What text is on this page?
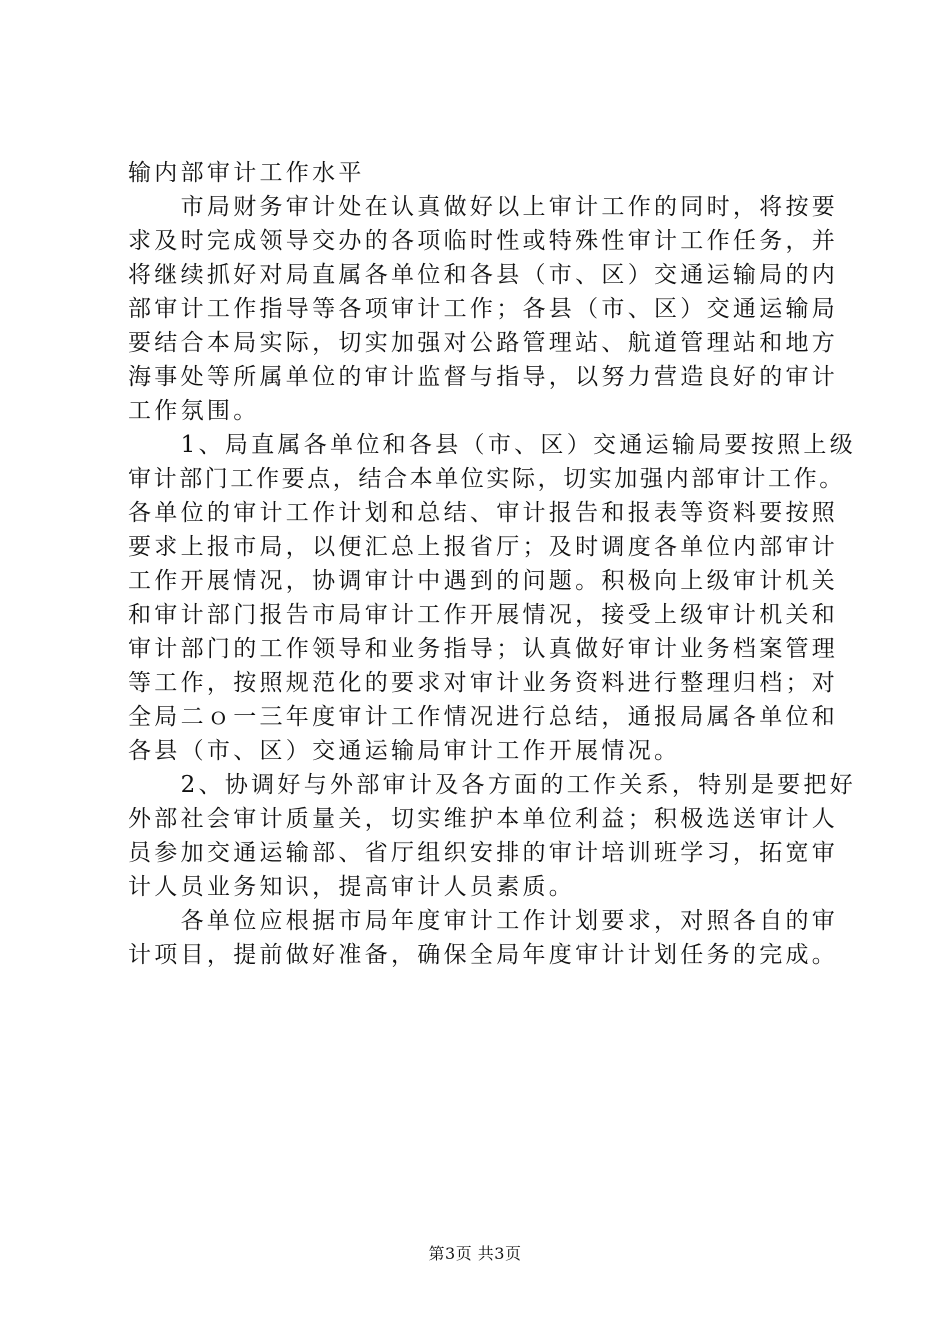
输内部审计工作水平
　　市局财务审计处在认真做好以上审计工作的同时，将按要
求及时完成领导交办的各项临时性或特殊性审计工作任务，并
将继续抓好对局直属各单位和各县（市、区）交通运输局的内
部审计工作指导等各项审计工作；各县（市、区）交通运输局
要结合本局实际，切实加强对公路管理站、航道管理站和地方
海事处等所属单位的审计监督与指导，以努力营造良好的审计
工作氛围。
　　1、局直属各单位和各县（市、区）交通运输局要按照上级
审计部门工作要点，结合本单位实际，切实加强内部审计工作。
各单位的审计工作计划和总结、审计报告和报表等资料要按照
要求上报市局，以便汇总上报省厅；及时调度各单位内部审计
工作开展情况，协调审计中遇到的问题。积极向上级审计机关
和审计部门报告市局审计工作开展情况，接受上级审计机关和
审计部门的工作领导和业务指导；认真做好审计业务档案管理
等工作，按照规范化的要求对审计业务资料进行整理归档；对
全局二ｏ一三年度审计工作情况进行总结，通报局属各单位和
各县（市、区）交通运输局审计工作开展情况。
　　2、协调好与外部审计及各方面的工作关系，特别是要把好
外部社会审计质量关，切实维护本单位利益；积极选送审计人
员参加交通运输部、省厅组织安排的审计培训班学习，拓宽审
计人员业务知识，提高审计人员素质。
　　各单位应根据市局年度审计工作计划要求，对照各自的审
计项目，提前做好准备，确保全局年度审计计划任务的完成。
第3页 共3页
